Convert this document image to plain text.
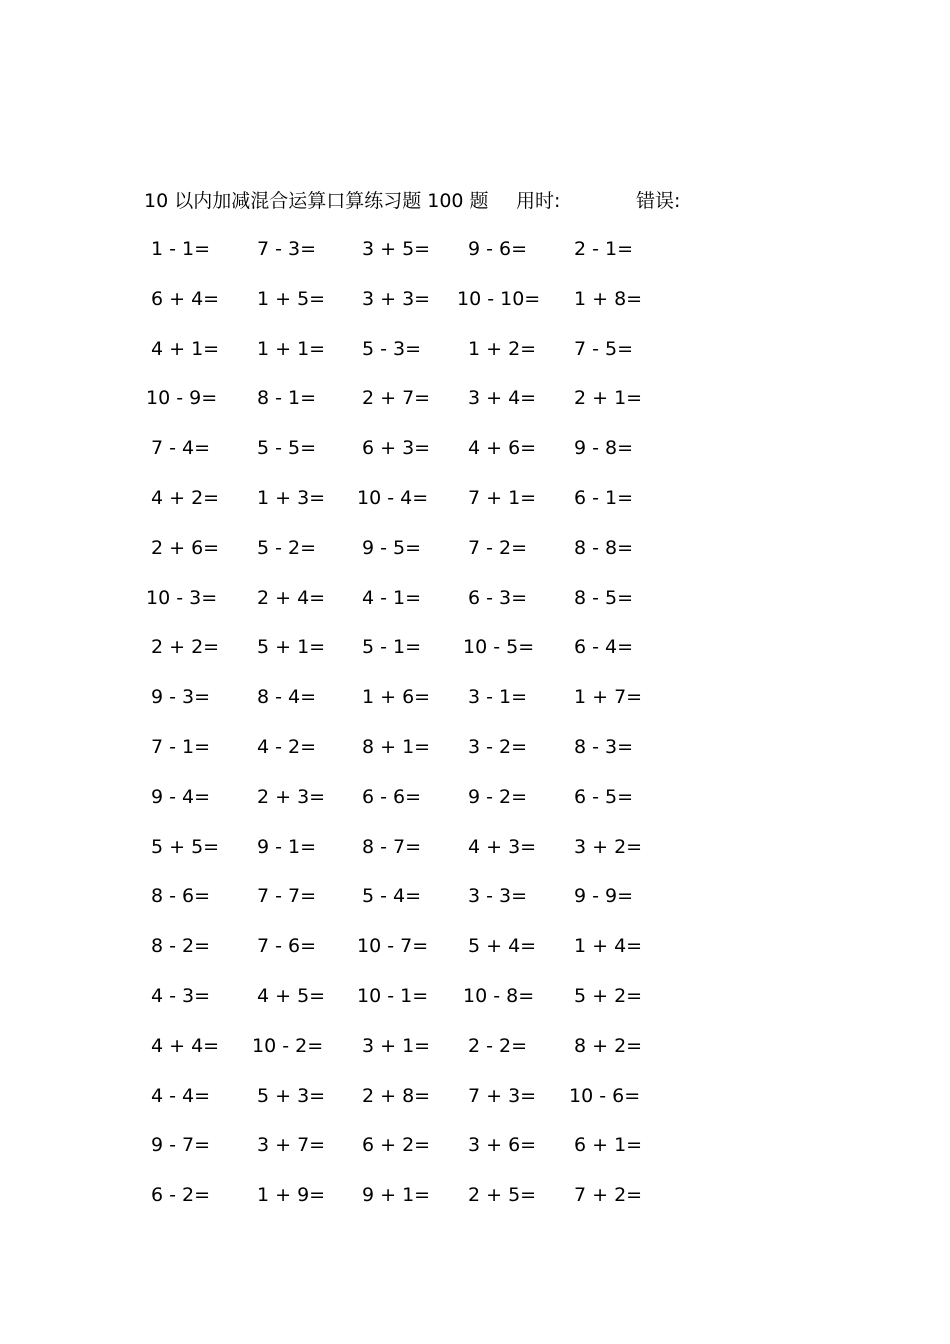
10 以内加减混合运算口算练习题 100 题 用时:	错误:
1 - 1= 7 - 3= 3 + 5= 9 - 6= 2 - 1=
6 + 4= 1 + 5= 3 + 3= 10 - 10= 1 + 8=
4 + 1= 1 + 1= 5 - 3= 1 + 2= 7 - 5=
10 - 9= 8 - 1= 2 + 7= 3 + 4= 2 + 1=
7 - 4= 5 - 5= 6 + 3= 4 + 6= 9 - 8=
4 + 2= 1 + 3= 10 - 4= 7 + 1= 6 - 1=
2 + 6= 5 - 2= 9 - 5= 7 - 2= 8 - 8=
10 - 3= 2 + 4= 4 - 1= 6 - 3= 8 - 5=
2 + 2= 5 + 1= 5 - 1= 10 - 5= 6 - 4=
9 - 3= 8 - 4= 1 + 6= 3 - 1= 1 + 7=
7 - 1= 4 - 2= 8 + 1= 3 - 2= 8 - 3=
9 - 4= 2 + 3= 6 - 6= 9 - 2= 6 - 5=
5 + 5= 9 - 1= 8 - 7= 4 + 3= 3 + 2=
8 - 6= 7 - 7= 5 - 4= 3 - 3= 9 - 9=
8 - 2= 7 - 6= 10 - 7= 5 + 4= 1 + 4=
4 - 3= 4 + 5= 10 - 1= 10 - 8= 5 + 2=
4 + 4= 10 - 2= 3 + 1= 2 - 2= 8 + 2=
4 - 4= 5 + 3= 2 + 8= 7 + 3= 10 - 6=
9 - 7= 3 + 7= 6 + 2= 3 + 6= 6 + 1=
6 - 2= 1 + 9= 9 + 1= 2 + 5= 7 + 2=
